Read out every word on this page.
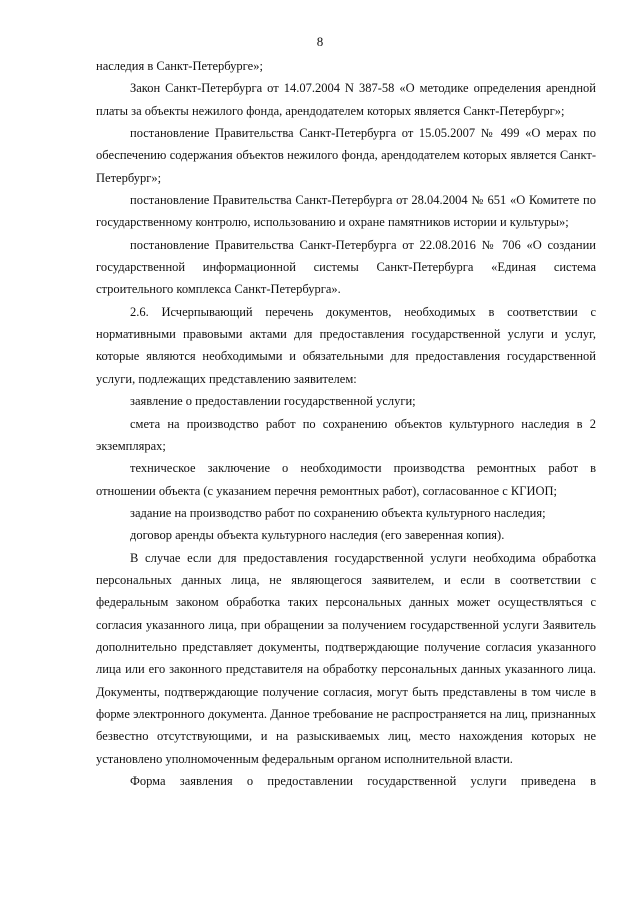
8

наследия в Санкт-Петербурге»;

Закон Санкт-Петербурга от 14.07.2004 N 387-58 «О методике определения арендной платы за объекты нежилого фонда, арендодателем которых является Санкт-Петербург»;

постановление Правительства Санкт-Петербурга от 15.05.2007 № 499 «О мерах по обеспечению содержания объектов нежилого фонда, арендодателем которых является Санкт-Петербург»;

постановление Правительства Санкт-Петербурга от 28.04.2004 № 651 «О Комитете по государственному контролю, использованию и охране памятников истории и культуры»;

постановление Правительства Санкт-Петербурга от 22.08.2016 № 706 «О создании государственной информационной системы Санкт-Петербурга «Единая система строительного комплекса Санкт-Петербурга».

2.6. Исчерпывающий перечень документов, необходимых в соответствии с нормативными правовыми актами для предоставления государственной услуги и услуг, которые являются необходимыми и обязательными для предоставления государственной услуги, подлежащих представлению заявителем:

заявление о предоставлении государственной услуги;

смета на производство работ по сохранению объектов культурного наследия в 2 экземплярах;

техническое заключение о необходимости производства ремонтных работ в отношении объекта (с указанием перечня ремонтных работ), согласованное с КГИОП;

задание на производство работ по сохранению объекта культурного наследия;

договор аренды объекта культурного наследия (его заверенная копия).

В случае если для предоставления государственной услуги необходима обработка персональных данных лица, не являющегося заявителем, и если в соответствии с федеральным законом обработка таких персональных данных может осуществляться с согласия указанного лица, при обращении за получением государственной услуги Заявитель дополнительно представляет документы, подтверждающие получение согласия указанного лица или его законного представителя на обработку персональных данных указанного лица. Документы, подтверждающие получение согласия, могут быть представлены в том числе в форме электронного документа. Данное требование не распространяется на лиц, признанных безвестно отсутствующими, и на разыскиваемых лиц, место нахождения которых не установлено уполномоченным федеральным органом исполнительной власти.

Форма заявления о предоставлении государственной услуги приведена в
